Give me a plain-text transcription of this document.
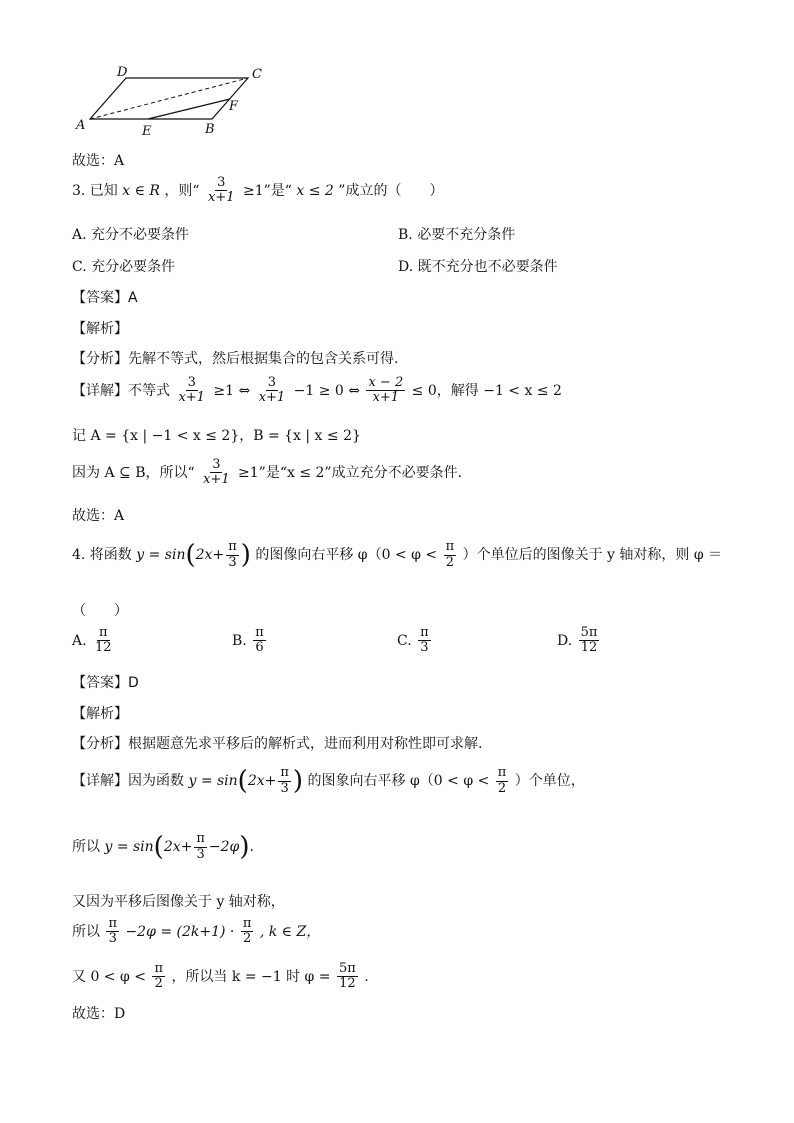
D	C
A	E	B
F
故选：A
3. 已知 x ∈ R ，则“ $\frac{3}{x+1} \ge 1$”是“ x ≤ 2 ”成立的（　　）
A. 充分不必要条件	B. 必要不充分条件
C. 充分必要条件	D. 既不充分也不必要条件
【答案】A
【解析】
【分析】先解不等式，然后根据集合的包含关系可得.
【详解】不等式 $\frac{3}{x+1} \ge 1$ ⇔ $\frac{3}{x+1} -1 \ge 0$ ⇔ $\frac{x - 2}{x+1} \le 0$，解得 −1 < x ≤ 2
记 A = {x | −1 < x ≤ 2}，B = {x | x ≤ 2}
因为 A ⊆ B，所以“ $\frac{3}{x+1} \ge 1$”是“x ≤ 2”成立充分不必要条件.
故选：A
4. 将函数 $y = \sin(2x+ \frac{\pi}{3}$ ) 的图像向右平移 $\varphi(0 < \varphi < \frac{\pi}{2}$ ）个单位后的图像关于 y 轴对称，则 φ ＝
（　　）
A. $\frac{\pi}{12}$	B. $\frac{\pi}{6}$	C. $\frac{\pi}{3}$	D. $\frac{5\pi}{12}$
【答案】D
【解析】
【分析】根据题意先求平移后的解析式，进而利用对称性即可求解.
【详解】因为函数 $y = \sin(2x+ \frac{\pi}{3}$ ) 的图象向右平移 $\varphi(0 < \varphi < \frac{\pi}{2}$ ）个单位，
所以 $y = \sin(2x+ \frac{\pi}{3} -2\varphi)$.
又因为平移后图像关于 y 轴对称，
所以 $\frac{\pi}{3} -2\varphi = (2k+1) \cdot \frac{\pi}{2}$ , k ∈ Z，
又 $0 < \varphi < \frac{\pi}{2}$ ，所以当 k = −1 时 $\varphi = \frac{5\pi}{12}$ .
故选：D
